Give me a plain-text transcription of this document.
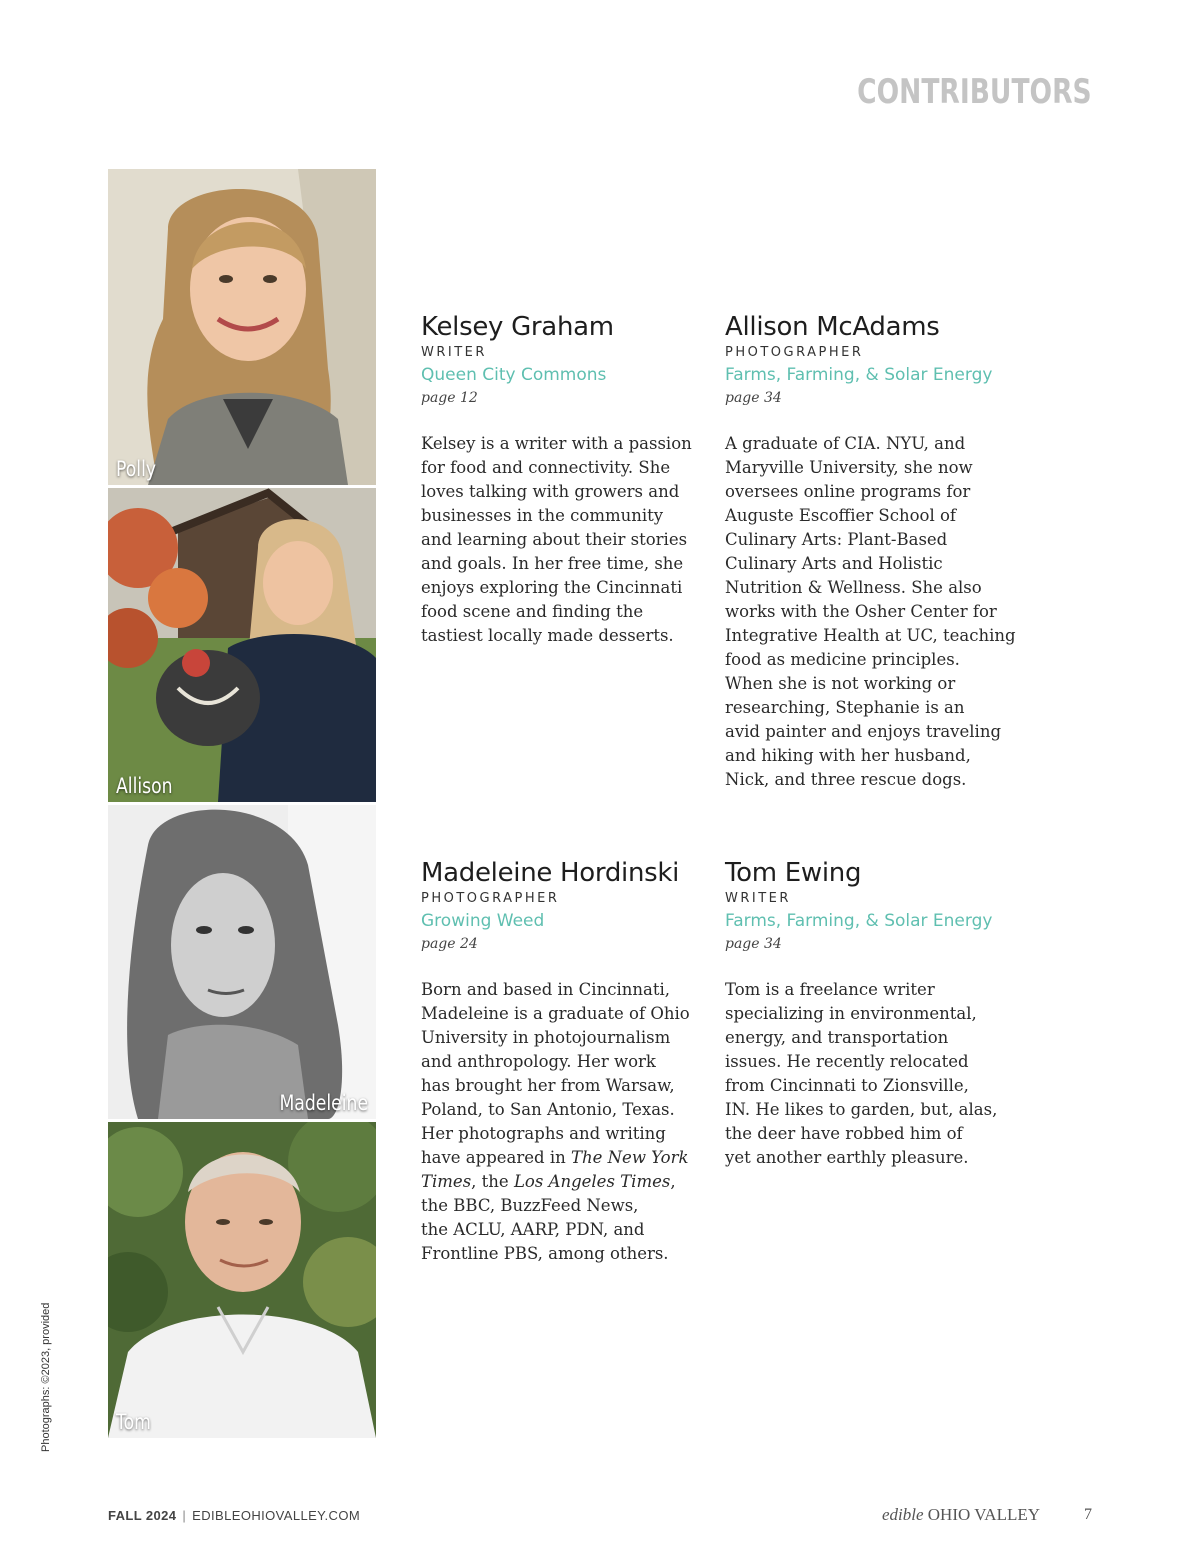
CONTRIBUTORS
Polly
Allison
Madeleine
Tom
Kelsey Graham
WRITER
Queen City Commons
page 12
Kelsey is a writer with a passion
for food and connectivity. She
loves talking with growers and
businesses in the community
and learning about their stories
and goals. In her free time, she
enjoys exploring the Cincinnati
food scene and finding the
tastiest locally made desserts.
Allison McAdams
PHOTOGRAPHER
Farms, Farming, & Solar Energy
page 34
A graduate of CIA. NYU, and
Maryville University, she now
oversees online programs for
Auguste Escoffier School of
Culinary Arts: Plant-Based
Culinary Arts and Holistic
Nutrition & Wellness. She also
works with the Osher Center for
Integrative Health at UC, teaching
food as medicine principles.
When she is not working or
researching, Stephanie is an
avid painter and enjoys traveling
and hiking with her husband,
Nick, and three rescue dogs.
Madeleine Hordinski
PHOTOGRAPHER
Growing Weed
page 24
Born and based in Cincinnati,
Madeleine is a graduate of Ohio
University in photojournalism
and anthropology. Her work
has brought her from Warsaw,
Poland, to San Antonio, Texas.
Her photographs and writing
have appeared in The New York
Times, the Los Angeles Times,
the BBC, BuzzFeed News,
the ACLU, AARP, PDN, and
Frontline PBS, among others.
Tom Ewing
WRITER
Farms, Farming, & Solar Energy
page 34
Tom is a freelance writer
specializing in environmental,
energy, and transportation
issues. He recently relocated
from Cincinnati to Zionsville,
IN. He likes to garden, but, alas,
the deer have robbed him of
yet another earthly pleasure.
Photographs: ©2023, provided
FALL 2024 | EDIBLEOHIOVALLEY.COM	edible OHIO VALLEY	7
